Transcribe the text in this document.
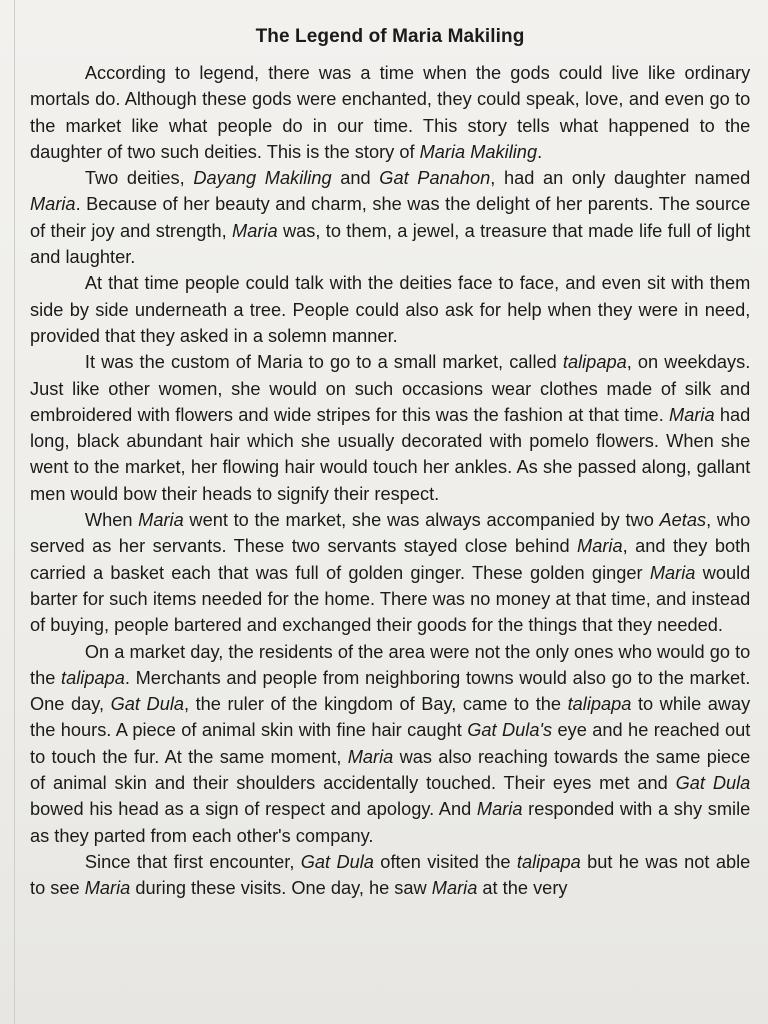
The Legend of Maria Makiling

According to legend, there was a time when the gods could live like ordinary mortals do. Although these gods were enchanted, they could speak, love, and even go to the market like what people do in our time. This story tells what happened to the daughter of two such deities. This is the story of Maria Makiling.

Two deities, Dayang Makiling and Gat Panahon, had an only daughter named Maria. Because of her beauty and charm, she was the delight of her parents. The source of their joy and strength, Maria was, to them, a jewel, a treasure that made life full of light and laughter.

At that time people could talk with the deities face to face, and even sit with them side by side underneath a tree. People could also ask for help when they were in need, provided that they asked in a solemn manner.

It was the custom of Maria to go to a small market, called talipapa, on weekdays. Just like other women, she would on such occasions wear clothes made of silk and embroidered with flowers and wide stripes for this was the fashion at that time. Maria had long, black abundant hair which she usually decorated with pomelo flowers. When she went to the market, her flowing hair would touch her ankles. As she passed along, gallant men would bow their heads to signify their respect.

When Maria went to the market, she was always accompanied by two Aetas, who served as her servants. These two servants stayed close behind Maria, and they both carried a basket each that was full of golden ginger. These golden ginger Maria would barter for such items needed for the home. There was no money at that time, and instead of buying, people bartered and exchanged their goods for the things that they needed.

On a market day, the residents of the area were not the only ones who would go to the talipapa. Merchants and people from neighboring towns would also go to the market. One day, Gat Dula, the ruler of the kingdom of Bay, came to the talipapa to while away the hours. A piece of animal skin with fine hair caught Gat Dula's eye and he reached out to touch the fur. At the same moment, Maria was also reaching towards the same piece of animal skin and their shoulders accidentally touched. Their eyes met and Gat Dula bowed his head as a sign of respect and apology. And Maria responded with a shy smile as they parted from each other's company.

Since that first encounter, Gat Dula often visited the talipapa but he was not able to see Maria during these visits. One day, he saw Maria at the very
